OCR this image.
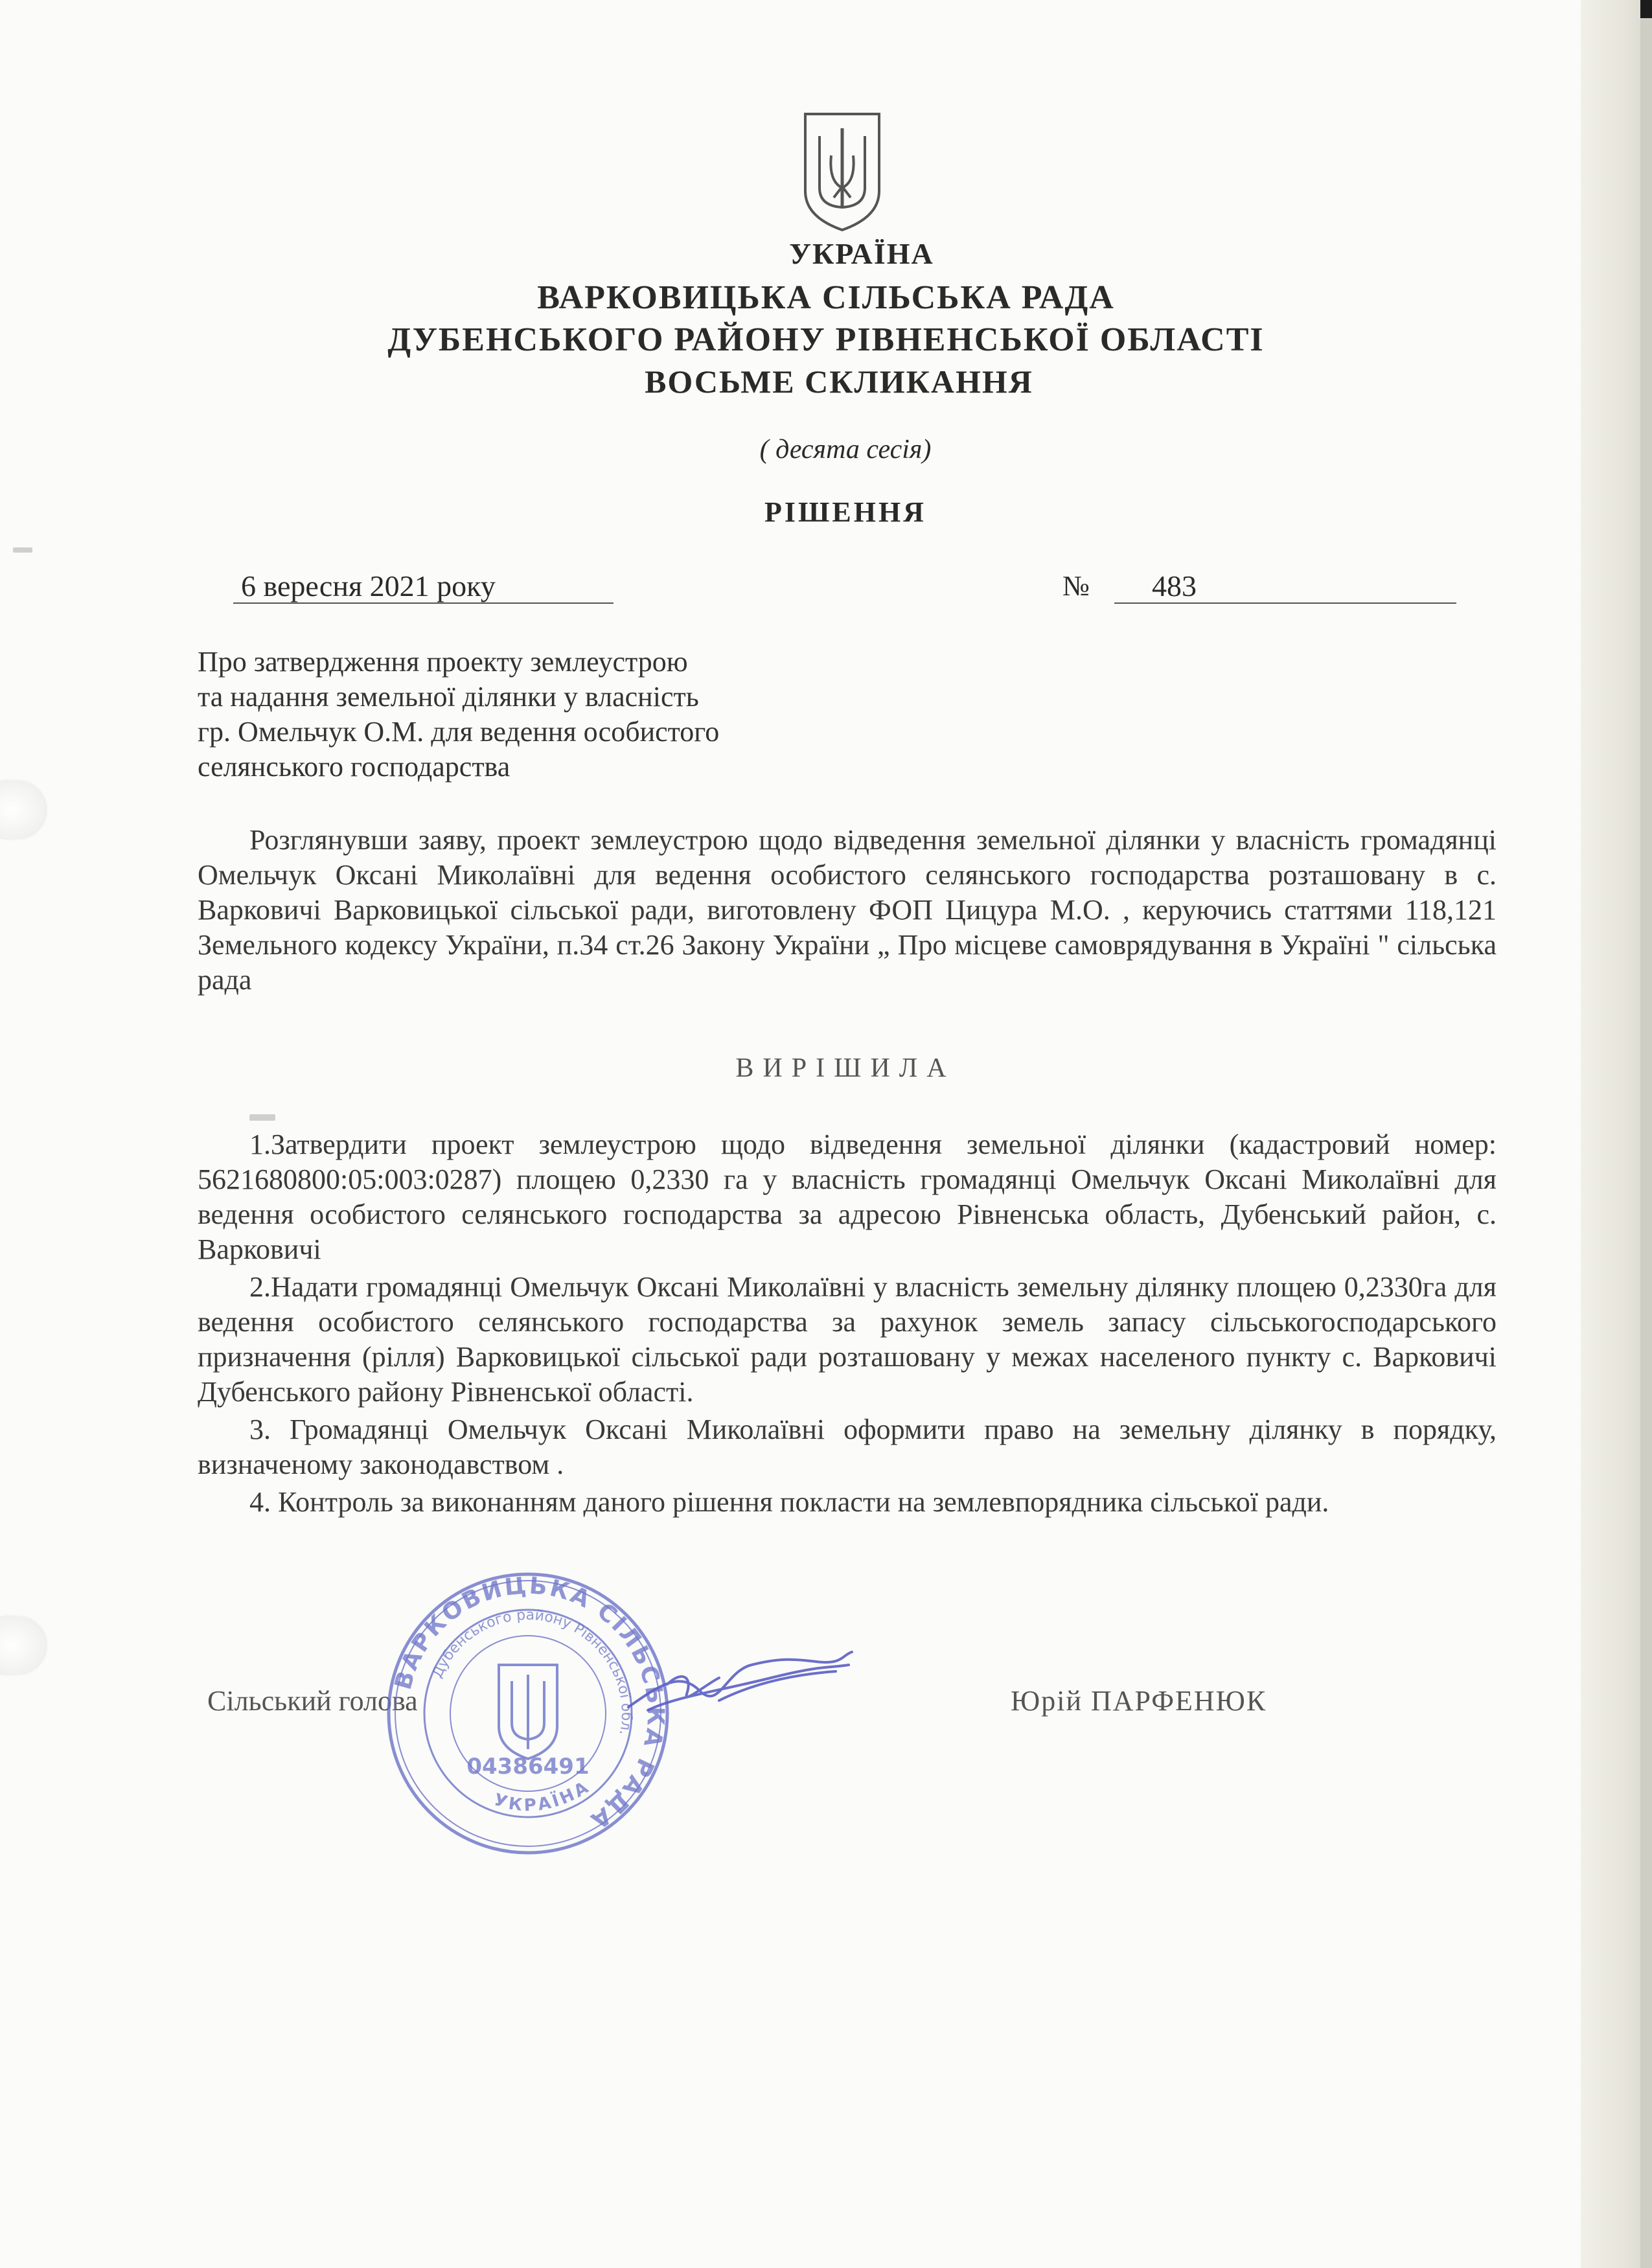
УКРАЇНА
ВАРКОВИЦЬКА СІЛЬСЬКА РАДА
ДУБЕНСЬКОГО РАЙОНУ РІВНЕНСЬКОЇ ОБЛАСТІ
ВОСЬМЕ СКЛИКАННЯ
( десята сесія)
РІШЕННЯ
6 вересня 2021 року	№	483
Про затвердження проекту землеустрою
та надання земельної ділянки у власність
гр. Омельчук О.М. для ведення особистого
селянського господарства
Розглянувши заяву, проект землеустрою щодо відведення земельної ділянки у власність громадянці Омельчук Оксані Миколаївні для ведення особистого селянського господарства розташовану в с. Варковичі Варковицької сільської ради, виготовлену ФОП Цицура М.О. , керуючись статтями 118,121 Земельного кодексу України, п.34 ст.26 Закону України „ Про місцеве самоврядування в Україні " сільська рада
ВИРІШИЛА

1.Затвердити проект землеустрою щодо відведення земельної ділянки (кадастровий номер: 5621680800:05:003:0287) площею 0,2330 га у власність громадянці Омельчук Оксані Миколаївні для ведення особистого селянського господарства за адресою Рівненська область, Дубенський район, с. Варковичі

2.Надати громадянці Омельчук Оксані Миколаївні у власність земельну ділянку площею 0,2330га для ведення особистого селянського господарства за рахунок земель запасу сільськогосподарського призначення (рілля) Варковицької сільської ради розташовану у межах населеного пункту с. Варковичі Дубенського району Рівненської області.

3. Громадянці Омельчук Оксані Миколаївні оформити право на земельну ділянку в порядку, визначеному законодавством .

4. Контроль за виконанням даного рішення покласти на землевпорядника сільської ради.

Сільський голова	Юрій ПАРФЕНЮК
ВАРКОВИЦЬКА СІЛЬСЬКА РАДА
Дубенського району Рівненської обл.
УКРАЇНА
04386491
